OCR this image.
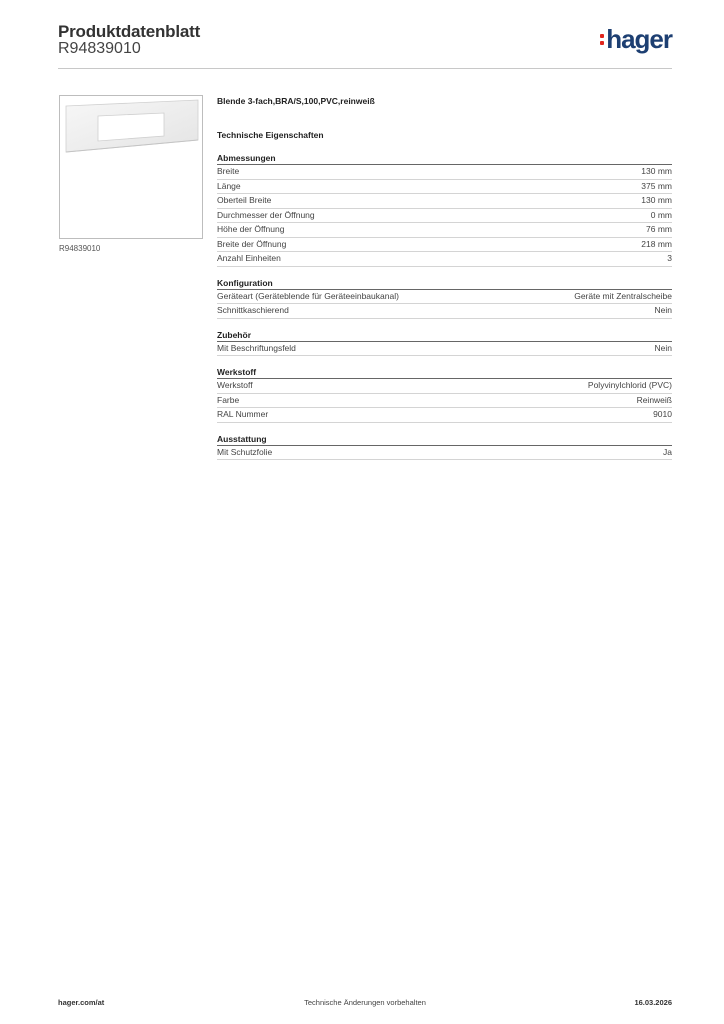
Produktdatenblatt
R94839010	hager
R94839010
Blende 3-fach,BRA/S,100,PVC,reinweiß
Technische Eigenschaften
Abmessungen
Breite	130 mm
Länge	375 mm
Oberteil Breite	130 mm
Durchmesser der Öffnung	0 mm
Höhe der Öffnung	76 mm
Breite der Öffnung	218 mm
Anzahl Einheiten	3
Konfiguration
Geräteart (Geräteblende für Geräteeinbaukanal)	Geräte mit Zentralscheibe
Schnittkaschierend	Nein
Zubehör
Mit Beschriftungsfeld	Nein
Werkstoff
Werkstoff	Polyvinylchlorid (PVC)
Farbe	Reinweiß
RAL Nummer	9010
Ausstattung
Mit Schutzfolie	Ja
hager.com/at	Technische Änderungen vorbehalten	16.03.2026
